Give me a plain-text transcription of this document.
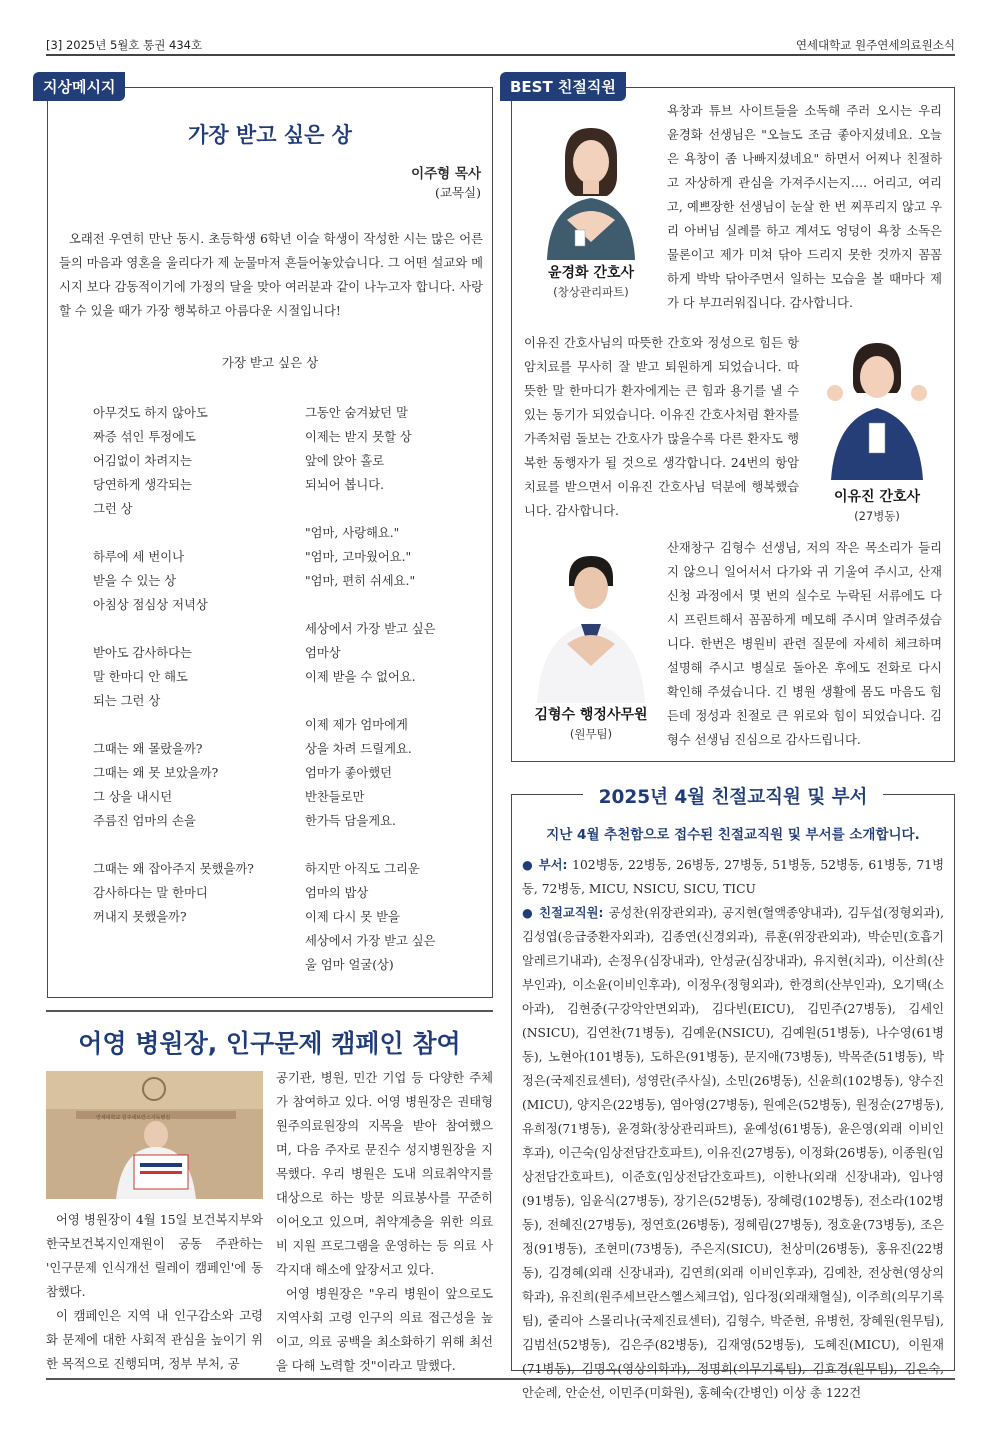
[3] 2025년 5월호 통권 434호	연세대학교 원주연세의료원소식
지상메시지
가장 받고 싶은 상
이주형 목사
(교목실)
오래전 우연히 만난 동시. 초등학생 6학년 이슬 학생이 작성한 시는 많은 어른들의 마음과 영혼을 울리다가 제 눈물마저 흔들어놓았습니다. 그 어떤 설교와 메시지 보다 감동적이기에 가정의 달을 맞아 여러분과 같이 나누고자 합니다. 사랑할 수 있을 때가 가장 행복하고 아름다운 시절입니다!
가장 받고 싶은 상
아무것도 하지 않아도
짜증 섞인 투정에도
어김없이 차려지는
당연하게 생각되는
그런 상
하루에 세 번이나
받을 수 있는 상
아침상 점심상 저녁상
받아도 감사하다는
말 한마디 안 해도
되는 그런 상
그때는 왜 몰랐을까?
그때는 왜 못 보았을까?
그 상을 내시던
주름진 엄마의 손을
그때는 왜 잡아주지 못했을까?
감사하다는 말 한마디
꺼내지 못했을까?
그동안 숨겨놨던 말
이제는 받지 못할 상
앞에 앉아 홀로
되뇌어 봅니다.
"엄마, 사랑해요."
"엄마, 고마웠어요."
"엄마, 편히 쉬세요."
세상에서 가장 받고 싶은
엄마상
이제 받을 수 없어요.
이제 제가 엄마에게
상을 차려 드릴게요.
엄마가 좋아했던
반찬들로만
한가득 담을게요.
하지만 아직도 그리운
엄마의 밥상
이제 다시 못 받을
세상에서 가장 받고 싶은
울 엄마 얼굴(상)
BEST 친절직원
윤경화 간호사
(창상관리파트)
욕창과 튜브 사이트들을 소독해 주러 오시는 우리 윤경화 선생님은 "오늘도 조금 좋아지셨네요. 오늘은 욕창이 좀 나빠지셨네요" 하면서 어찌나 친절하고 자상하게 관심을 가져주시는지…. 어리고, 여리고, 예쁘장한 선생님이 눈살 한 번 찌푸리지 않고 우리 아버님 실례를 하고 계셔도 엉덩이 욕창 소독은 물론이고 제가 미쳐 닦아 드리지 못한 것까지 꼼꼼하게 박박 닦아주면서 일하는 모습을 볼 때마다 제가 다 부끄러워집니다. 감사합니다.
이유진 간호사님의 따뜻한 간호와 정성으로 힘든 항암치료를 무사히 잘 받고 퇴원하게 되었습니다. 따뜻한 말 한마디가 환자에게는 큰 힘과 용기를 낼 수 있는 동기가 되었습니다. 이유진 간호사처럼 환자를 가족처럼 돌보는 간호사가 많을수록 다른 환자도 행복한 동행자가 될 것으로 생각합니다. 24번의 항암치료를 받으면서 이유진 간호사님 덕분에 행복했습니다. 감사합니다.
이유진 간호사
(27병동)
김형수 행정사무원
(원무팀)
산재창구 김형수 선생님, 저의 작은 목소리가 들리지 않으니 일어서서 다가와 귀 기울여 주시고, 산재신청 과정에서 몇 번의 실수로 누락된 서류에도 다시 프린트해서 꼼꼼하게 메모해 주시며 알려주셨습니다. 한번은 병원비 관련 질문에 자세히 체크하며 설명해 주시고 병실로 돌아온 후에도 전화로 다시 확인해 주셨습니다. 긴 병원 생활에 몸도 마음도 힘든데 정성과 친절로 큰 위로와 힘이 되었습니다. 김형수 선생님 진심으로 감사드립니다.
2025년 4월 친절교직원 및 부서
지난 4월 추천함으로 접수된 친절교직원 및 부서를 소개합니다.
● 부서: 102병동, 22병동, 26병동, 27병동, 51병동, 52병동, 61병동, 71병동, 72병동, MICU, NSICU, SICU, TICU
● 친절교직원: 공성찬(위장관외과), 공지현(혈액종양내과), 김두섭(정형외과), 김성엽(응급중환자외과), 김종연(신경외과), 류훈(위장관외과), 박순민(호흡기알레르기내과), 손정우(심장내과), 안성균(심장내과), 유지현(치과), 이산희(산부인과), 이소윤(이비인후과), 이정우(정형외과), 한경희(산부인과), 오기택(소아과), 김현중(구강악안면외과), 김다빈(EICU), 김민주(27병동), 김세인(NSICU), 김연찬(71병동), 김예운(NSICU), 김예원(51병동), 나수영(61병동), 노현아(101병동), 도하은(91병동), 문지애(73병동), 박목준(51병동), 박정은(국제진료센터), 성영란(주사실), 소민(26병동), 신윤희(102병동), 양수진(MICU), 양지은(22병동), 염아영(27병동), 원예은(52병동), 원정순(27병동), 유희정(71병동), 윤경화(창상관리파트), 윤예성(61병동), 윤은영(외래 이비인후과), 이근숙(임상전담간호파트), 이유진(27병동), 이정화(26병동), 이종원(임상전담간호파트), 이준호(임상전담간호파트), 이한나(외래 신장내과), 임나영(91병동), 임윤식(27병동), 장기은(52병동), 장혜령(102병동), 전소라(102병동), 전혜진(27병동), 정연호(26병동), 정혜림(27병동), 정호윤(73병동), 조은정(91병동), 조현미(73병동), 주은지(SICU), 천상미(26병동), 홍유진(22병동), 김경혜(외래 신장내과), 김연희(외래 이비인후과), 김예찬, 전상현(영상의학과), 유진희(원주세브란스헬스체크업), 임다정(외래채혈실), 이주희(의무기록팀), 줄리아 스몰리나(국제진료센터), 김형수, 박준현, 유병헌, 장혜원(원무팀), 김범선(52병동), 김은주(82병동), 김재영(52병동), 도혜진(MICU), 이원재(71병동), 김명옥(영상의학과), 정명희(의무기록팀), 김효경(원무팀), 김은숙, 안순례, 안순선, 이민주(미화원), 홍혜숙(간병인) 이상 총 122건
어영 병원장, 인구문제 캠페인 참여
연세대학교 원주세브란스기독병원
어영 병원장이 4월 15일 보건복지부와 한국보건복지인재원이 공동 주관하는 '인구문제 인식개선 릴레이 캠페인'에 동참했다.
이 캠페인은 지역 내 인구감소와 고령화 문제에 대한 사회적 관심을 높이기 위한 목적으로 진행되며, 정부 부처, 공
공기관, 병원, 민간 기업 등 다양한 주체가 참여하고 있다. 어영 병원장은 권태형 원주의료원장의 지목을 받아 참여했으며, 다음 주자로 문진수 성지병원장을 지목했다. 우리 병원은 도내 의료취약지를 대상으로 하는 방문 의료봉사를 꾸준히 이어오고 있으며, 취약계층을 위한 의료비 지원 프로그램을 운영하는 등 의료 사각지대 해소에 앞장서고 있다.
어영 병원장은 "우리 병원이 앞으로도 지역사회 고령 인구의 의료 접근성을 높이고, 의료 공백을 최소화하기 위해 최선을 다해 노력할 것"이라고 말했다.
